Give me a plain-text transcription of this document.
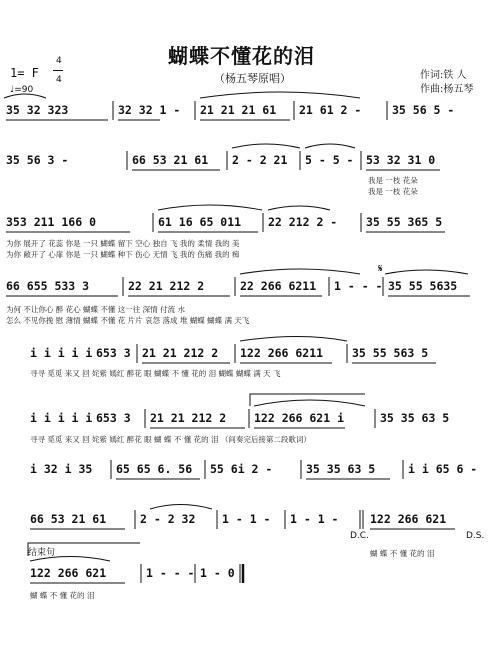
蝴蝶不懂花的泪
（杨五琴原唱）
1= F
4
4
♩=90
作词:铁 人
作曲:杨五琴
35 32 323	32 32 1 - 21 21 21 61 21 61 2 -	35 56 5 -
35 56 3 -	66 53 21 61 2 - 2 21 5 - 5 - 53 32 31 0
我是 一枝 花朵
我是 一枝 花朵
353 211 166 0	61 16 65 011 22 212 2 -	35 55 365 5
为你 展开了 花蕊 你是 一只 蝴蝶 留下 空心 独自 飞 我的 柔情 我的 美
为你 敞开了 心扉 你是 一只 蝴蝶 种下 伤心 无情 飞 我的 伤痛 我的 痴
66 655 533 3	22 21 212 2	22 266 6211 1 - - - 35 55 5635
为何 不让你心 醉 花心 蝴蝶 不懂 这一往 深情 付流 水
怎么 不见你挽 慰 薄情 蝴蝶 不懂 花 片片 哀怨 落成 堆 蝴蝶 蝴蝶 满 天飞
i i i i i 653 3 21 21 212 2 122 266 6211	35 55 563 5
寻寻 觅觅 来又 回 姹紫 嫣红 醉花 眼 蝴蝶 不 懂 花的 泪 蝴蝶 蝴蝶 满 天 飞
i i i i i 653 3 21 21 212 2 122 266 621 i	35 35 63 5
寻寻 觅觅 来又 回 姹紫 嫣红 醉花 眼 蝴 蝶 不 懂 花的 泪 （间奏完后接第二段歌词）
i 32 i 35 65 65 6. 56 55 6i 2 -	35 35 63 5	i i 65 6 -
66 53 21 61	2 - 2 32 1 - 1 - 1 - 1 -	122 266 621
D.C.	D.S.
蝴 蝶 不 懂 花的 泪
结束句
122 266 621	1 - - - 1 - 0
蝴 蝶 不 懂 花的 泪
𝄋
